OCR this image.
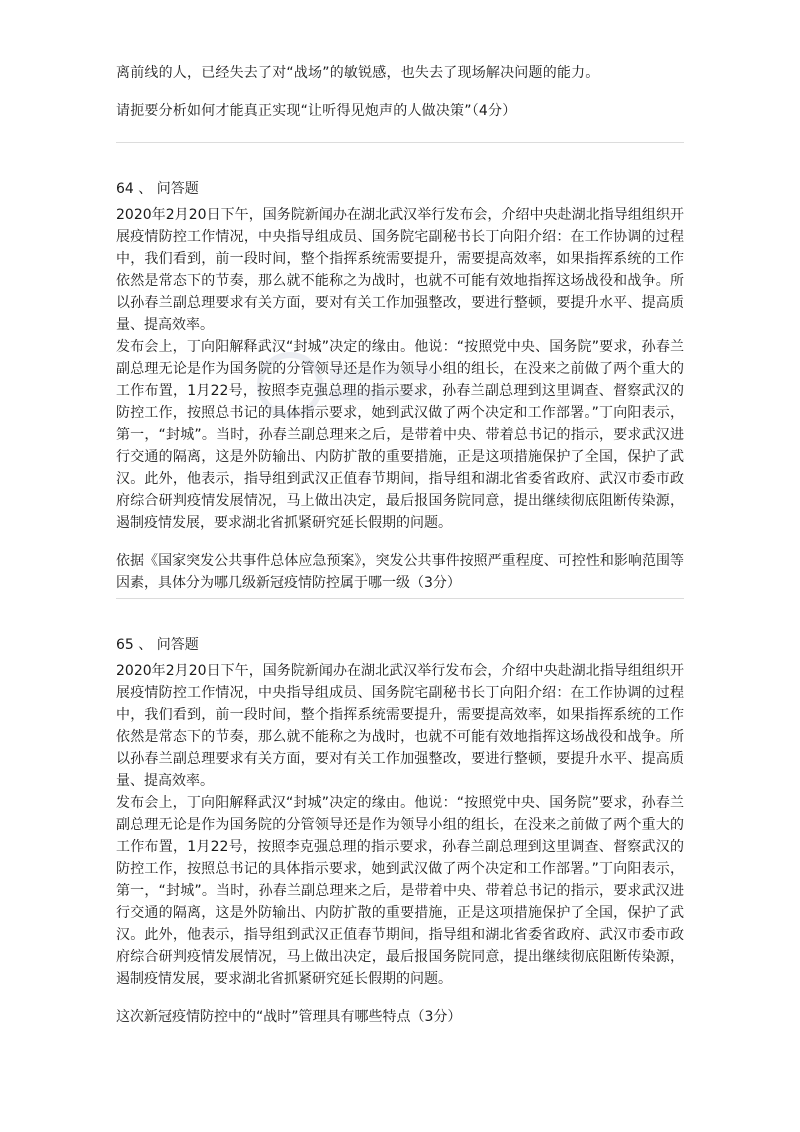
离前线的人，已经失去了对“战场”的敏锐感，也失去了现场解决问题的能力。

请扼要分析如何才能真正实现“让听得见炮声的人做决策”（4分）

64 、 问答题

2020年2月20日下午，国务院新闻办在湖北武汉举行发布会，介绍中央赴湖北指导组组织开展疫情防控工作情况，中央指导组成员、国务院宅副秘书长丁向阳介绍：在工作协调的过程中，我们看到，前一段时间，整个指挥系统需要提升，需要提高效率，如果指挥系统的工作依然是常态下的节奏，那么就不能称之为战时，也就不可能有效地指挥这场战役和战争。所以孙春兰副总理要求有关方面，要对有关工作加强整改，要进行整顿，要提升水平、提高质量、提高效率。

发布会上，丁向阳解释武汉“封城”决定的缘由。他说：“按照党中央、国务院”要求，孙春兰副总理无论是作为国务院的分管领导还是作为领导小组的组长，在没来之前做了两个重大的工作布置，1月22号，按照李克强总理的指示要求，孙春兰副总理到这里调查、督察武汉的防控工作，按照总书记的具体指示要求，她到武汉做了两个决定和工作部署。”丁向阳表示，第一，“封城”。当时，孙春兰副总理来之后，是带着中央、带着总书记的指示，要求武汉进行交通的隔离，这是外防输出、内防扩散的重要措施，正是这项措施保护了全国，保护了武汉。此外，他表示，指导组到武汉正值春节期间，指导组和湖北省委省政府、武汉市委市政府综合研判疫情发展情况，马上做出决定，最后报国务院同意，提出继续彻底阻断传染源，遏制疫情发展，要求湖北省抓紧研究延长假期的问题。

依据《国家突发公共事件总体应急预案》，突发公共事件按照严重程度、可控性和影响范围等因素，具体分为哪几级新冠疫情防控属于哪一级（3分）

65 、 问答题

2020年2月20日下午，国务院新闻办在湖北武汉举行发布会，介绍中央赴湖北指导组组织开展疫情防控工作情况，中央指导组成员、国务院宅副秘书长丁向阳介绍：在工作协调的过程中，我们看到，前一段时间，整个指挥系统需要提升，需要提高效率，如果指挥系统的工作依然是常态下的节奏，那么就不能称之为战时，也就不可能有效地指挥这场战役和战争。所以孙春兰副总理要求有关方面，要对有关工作加强整改，要进行整顿，要提升水平、提高质量、提高效率。

发布会上，丁向阳解释武汉“封城”决定的缘由。他说：“按照党中央、国务院”要求，孙春兰副总理无论是作为国务院的分管领导还是作为领导小组的组长，在没来之前做了两个重大的工作布置，1月22号，按照李克强总理的指示要求，孙春兰副总理到这里调查、督察武汉的防控工作，按照总书记的具体指示要求，她到武汉做了两个决定和工作部署。”丁向阳表示，第一，“封城”。当时，孙春兰副总理来之后，是带着中央、带着总书记的指示，要求武汉进行交通的隔离，这是外防输出、内防扩散的重要措施，正是这项措施保护了全国，保护了武汉。此外，他表示，指导组到武汉正值春节期间，指导组和湖北省委省政府、武汉市委市政府综合研判疫情发展情况，马上做出决定，最后报国务院同意，提出继续彻底阻断传染源，遏制疫情发展，要求湖北省抓紧研究延长假期的问题。

这次新冠疫情防控中的“战时”管理具有哪些特点（3分）
